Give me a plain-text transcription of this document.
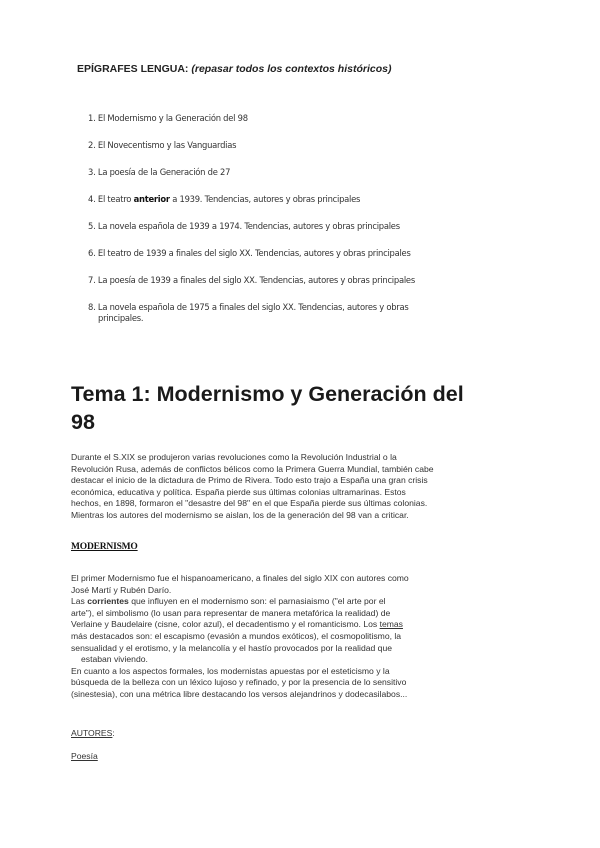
EPÍGRAFES LENGUA: (repasar todos los contextos históricos)
1. El Modernismo y la Generación del 98
2. El Novecentismo y las Vanguardias
3. La poesía de la Generación de 27
4. El teatro anterior a 1939. Tendencias, autores y obras principales
5. La novela española de 1939 a 1974. Tendencias, autores y obras principales
6. El teatro de 1939 a finales del siglo XX. Tendencias, autores y obras principales
7. La poesía de 1939 a finales del siglo XX. Tendencias, autores y obras principales
8. La novela española de 1975 a finales del siglo XX. Tendencias, autores y obras
principales.
Tema 1: Modernismo y Generación del 98
Durante el S.XIX se produjeron varias revoluciones como la Revolución Industrial o la
Revolución Rusa, además de conflictos bélicos como la Primera Guerra Mundial, también cabe
destacar el inicio de la dictadura de Primo de Rivera. Todo esto trajo a España una gran crisis
económica, educativa y política. España pierde sus últimas colonias ultramarinas. Estos
hechos, en 1898, formaron el "desastre del 98" en el que España pierde sus últimas colonias.
Mientras los autores del modernismo se aislan, los de la generación del 98 van a criticar.
MODERNISMO
El primer Modernismo fue el hispanoamericano, a finales del siglo XIX con autores como
José Martí y Rubén Darío.
Las corrientes que influyen en el modernismo son: el parnasiaismo ("el arte por el
arte"), el simbolismo (lo usan para representar de manera metafórica la realidad) de
Verlaine y Baudelaire (cisne, color azul), el decadentismo y el romanticismo. Los temas
más destacados son: el escapismo (evasión a mundos exóticos), el cosmopolitismo, la
sensualidad y el erotismo, y la melancolía y el hastío provocados por la realidad que
estaban viviendo.
En cuanto a los aspectos formales, los modernistas apuestas por el esteticismo y la
búsqueda de la belleza con un léxico lujoso y refinado, y por la presencia de lo sensitivo
(sinestesia), con una métrica libre destacando los versos alejandrinos y dodecasilabos...
AUTORES:
Poesía
